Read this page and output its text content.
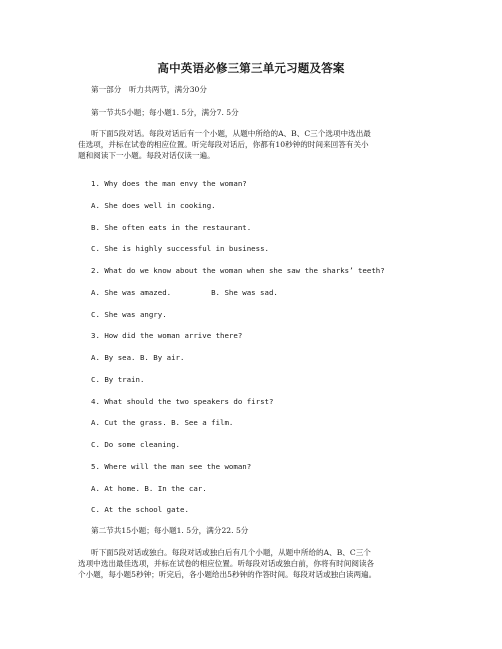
高中英语必修三第三单元习题及答案
第一部分　听力共两节，满分30分
第一节共5小题；每小题1. 5分，满分7. 5分
听下面5段对话。每段对话后有一个小题，从题中所给的A、B、C三个选项中选出最
佳选项，并标在试卷的相应位置。听完每段对话后，你都有10秒钟的时间来回答有关小
题和阅读下一小题。每段对话仅读一遍。
1. Why does the man envy the woman?
A. She does well in cooking.
B. She often eats in the restaurant.
C. She is highly successful in business.
2. What do we know about the woman when she saw the sharks’ teeth?
A. She was amazed.	B. She was sad.
C. She was angry.
3. How did the woman arrive there?
A. By sea. B. By air.
C. By train.
4. What should the two speakers do first?
A. Cut the grass. B. See a film.
C. Do some cleaning.
5. Where will the man see the woman?
A. At home. B. In the car.
C. At the school gate.
第二节共15小题；每小题1. 5分，满分22. 5分
听下面5段对话或独白。每段对话或独白后有几个小题，从题中所给的A、B、C三个
选项中选出最佳选项，并标在试卷的相应位置。听每段对话或独白前，你将有时间阅读各
个小题，每小题5秒钟；听完后，各小题给出5秒钟的作答时间。每段对话或独白读两遍。
